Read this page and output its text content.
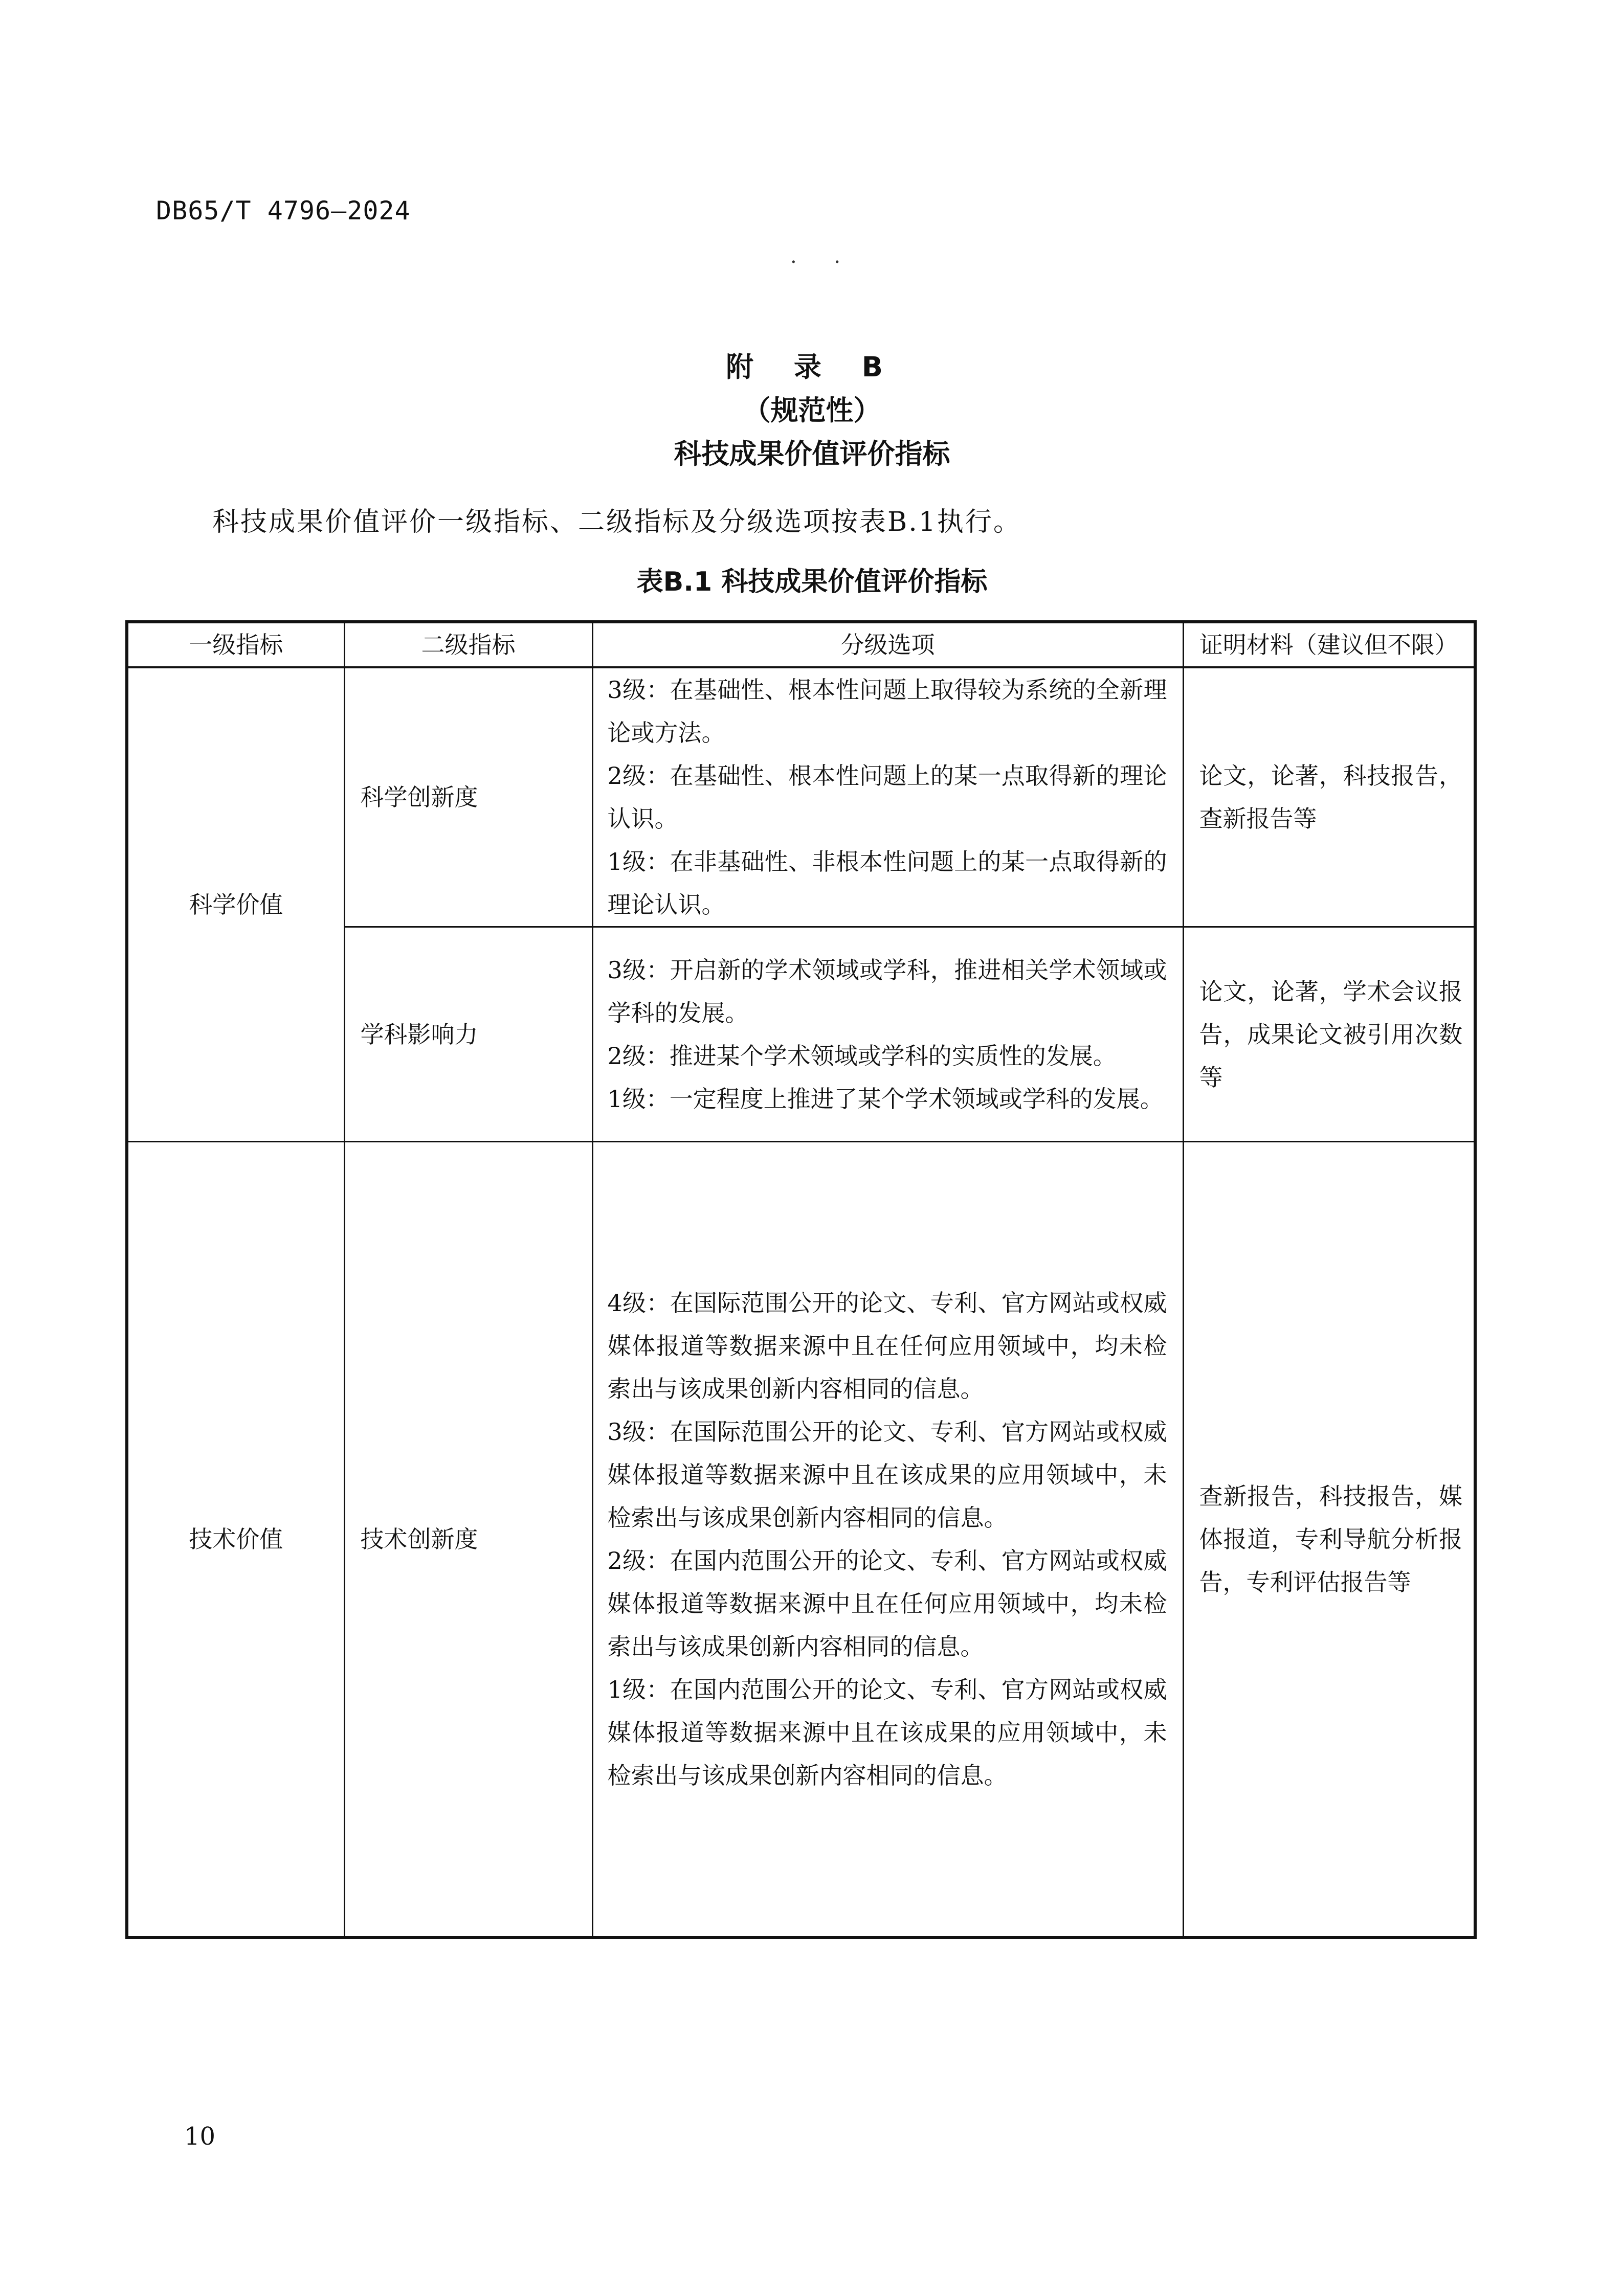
DB65/T 4796—2024
· ·
附 录 B
（规范性）
科技成果价值评价指标
科技成果价值评价一级指标、二级指标及分级选项按表B.1执行。
表B.1 科技成果价值评价指标
一级指标	二级指标	分级选项	证明材料（建议但不限）
科学价值	科学创新度	3级：在基础性、根本性问题上取得较为系统的全新理论或方法。
2级：在基础性、根本性问题上的某一点取得新的理论认识。
1级：在非基础性、非根本性问题上的某一点取得新的理论认识。	论文，论著，科技报告，查新报告等
	学科影响力	3级：开启新的学术领域或学科，推进相关学术领域或学科的发展。
2级：推进某个学术领域或学科的实质性的发展。
1级：一定程度上推进了某个学术领域或学科的发展。	论文，论著，学术会议报告，成果论文被引用次数等
技术价值	技术创新度	4级：在国际范围公开的论文、专利、官方网站或权威媒体报道等数据来源中且在任何应用领域中，均未检索出与该成果创新内容相同的信息。
3级：在国际范围公开的论文、专利、官方网站或权威媒体报道等数据来源中且在该成果的应用领域中，未检索出与该成果创新内容相同的信息。
2级：在国内范围公开的论文、专利、官方网站或权威媒体报道等数据来源中且在任何应用领域中，均未检索出与该成果创新内容相同的信息。
1级：在国内范围公开的论文、专利、官方网站或权威媒体报道等数据来源中且在该成果的应用领域中，未检索出与该成果创新内容相同的信息。	查新报告，科技报告，媒体报道，专利导航分析报告，专利评估报告等
10
